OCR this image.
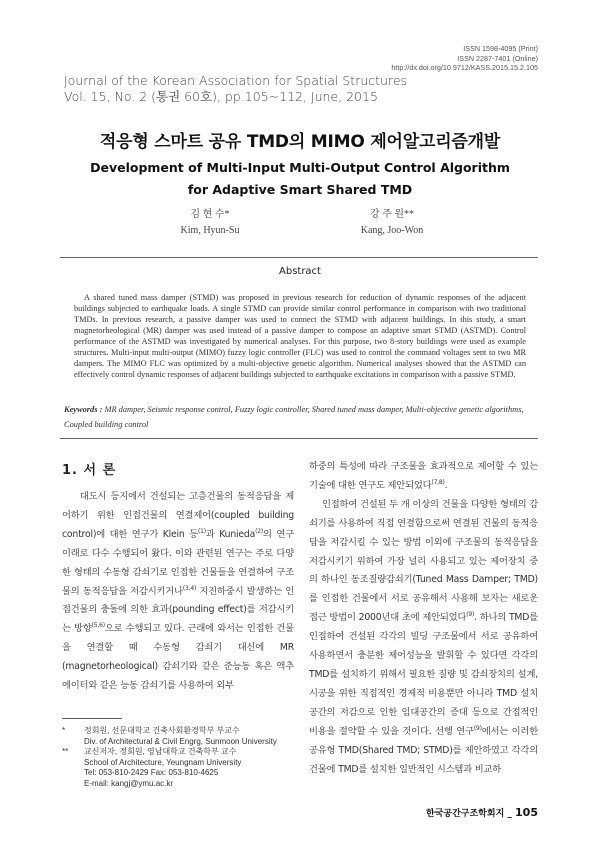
ISSN 1598-4095 (Print)
ISSN 2287-7401 (Online)
http://dx.doi.org/10.9712/KASS.2015.15.2.105
Journal of the Korean Association for Spatial Structures
Vol. 15, No. 2 (통권 60호), pp.105~112, June, 2015
적응형 스마트 공유 TMD의 MIMO 제어알고리즘개발
Development of Multi-Input Multi-Output Control Algorithm
for Adaptive Smart Shared TMD
김 현 수*
Kim, Hyun-Su
강 주 원**
Kang, Joo-Won
Abstract
A shared tuned mass damper (STMD) was proposed in previous research for reduction of dynamic responses of the adjacent buildings subjected to earthquake loads. A single STMD can provide similar control performance in comparison with two traditional TMDs. In previous research, a passive damper was used to connect the STMD with adjacent buildings. In this study, a smart magnetorheological (MR) damper was used instead of a passive damper to compose an adaptive smart STMD (ASTMD). Control performance of the ASTMD was investigated by numerical analyses. For this purpose, two 8-story buildings were used as example structures. Multi-input multi-output (MIMO) fuzzy logic controller (FLC) was used to control the command voltages sent to two MR dampers. The MIMO FLC was optimized by a multi-objective genetic algorithm. Numerical analyses showed that the ASTMD can effectively control dynamic responses of adjacent buildings subjected to earthquake excitations in comparison with a passive STMD.
Keywords : MR damper, Seismic response control, Fuzzy logic controller, Shared tuned mass damper, Multi-objective genetic algorithms, Coupled building control
1. 서 론
대도시 등지에서 건설되는 고층건물의 동적응답을 제어하기 위한 인접건물의 연결제어(coupled building control)에 대한 연구가 Klein 등$^{(1)}$과 Kunieda$^{(2)}$의 연구 이래로 다수 수행되어 왔다. 이와 관련된 연구는 주로 다양한 형태의 수동형 감쇠기로 인접한 건물들을 연결하여 구조물의 동적응답을 저감시키거나$^{(3,4)}$ 지진하중시 발생하는 인접건물의 충돌에 의한 효과(pounding effect)를 저감시키는 방향$^{(5,6)}$으로 수행되고 있다. 근래에 와서는 인접한 건물을 연결할 때 수동형 감쇠기 대신에 MR (magnetorheological) 감쇠기와 같은 준능동 혹은 액추에이터와 같은 능동 감쇠기를 사용하여 외부
하중의 특성에 따라 구조물을 효과적으로 제어할 수 있는 기술에 대한 연구도 제안되었다$^{(7,8)}$.
인접하여 건설된 두 개 이상의 건물을 다양한 형태의 감쇠기를 사용하여 직접 연결함으로써 연결된 건물의 동적응답을 저감시킬 수 있는 방법 이외에 구조물의 동적응답을 저감시키기 위하여 가장 널리 사용되고 있는 제어장치 중의 하나인 동조질량감쇠기(Tuned Mass Damper; TMD)를 인접한 건물에서 서로 공유해서 사용해 보자는 새로운 접근 방법이 2000년대 초에 제안되었다$^{(9)}$. 하나의 TMD를 인접하여 건설된 각각의 빌딩 구조물에서 서로 공유하여 사용하면서 충분한 제어성능을 발휘할 수 있다면 각각의 TMD를 설치하기 위해서 필요한 질량 및 감쇠장치의 설계, 시공을 위한 직접적인 경제적 비용뿐만 아니라 TMD 설치공간의 저감으로 인한 임대공간의 증대 등으로 간접적인 비용을 절약할 수 있을 것이다. 선행 연구$^{(9)}$에서는 이러한 공유형 TMD(Shared TMD; STMD)를 제안하였고 각각의 건물에 TMD를 설치한 일반적인 시스템과 비교하
*	정회원, 선문대학교 건축사회환경학부 부교수
Div. of Architectural & Civil Engrg, Sunmoon University
**	교신저자, 정회원, 영남대학교 건축학부 교수
School of Architecture, Yeungnam University
Tel: 053-810-2429 Fax: 053-810-4625
E-mail: kangj@ymu.ac.kr
한국공간구조학회지 _ 105
